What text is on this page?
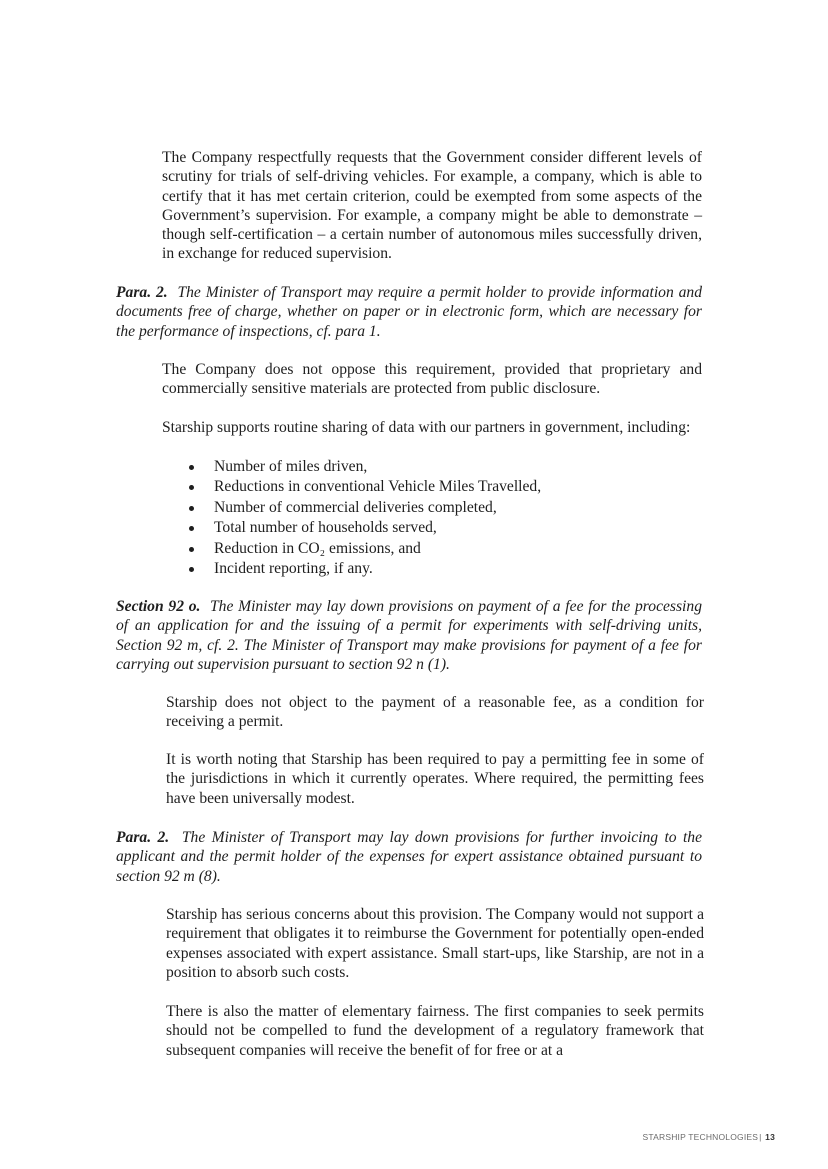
The Company respectfully requests that the Government consider different levels of scrutiny for trials of self-driving vehicles. For example, a company, which is able to certify that it has met certain criterion, could be exempted from some aspects of the Government’s supervision. For example, a company might be able to demonstrate – though self-certification – a certain number of autonomous miles successfully driven, in exchange for reduced supervision.

Para. 2. The Minister of Transport may require a permit holder to provide information and documents free of charge, whether on paper or in electronic form, which are necessary for the performance of inspections, cf. para 1.

The Company does not oppose this requirement, provided that proprietary and commercially sensitive materials are protected from public disclosure.

Starship supports routine sharing of data with our partners in government, including:

Number of miles driven,
Reductions in conventional Vehicle Miles Travelled,
Number of commercial deliveries completed,
Total number of households served,
Reduction in CO₂ emissions, and
Incident reporting, if any.

Section 92 o. The Minister may lay down provisions on payment of a fee for the processing of an application for and the issuing of a permit for experiments with self-driving units, Section 92 m, cf. 2. The Minister of Transport may make provisions for payment of a fee for carrying out supervision pursuant to section 92 n (1).

Starship does not object to the payment of a reasonable fee, as a condition for receiving a permit.

It is worth noting that Starship has been required to pay a permitting fee in some of the jurisdictions in which it currently operates. Where required, the permitting fees have been universally modest.

Para. 2. The Minister of Transport may lay down provisions for further invoicing to the applicant and the permit holder of the expenses for expert assistance obtained pursuant to section 92 m (8).

Starship has serious concerns about this provision. The Company would not support a requirement that obligates it to reimburse the Government for potentially open-ended expenses associated with expert assistance. Small start-ups, like Starship, are not in a position to absorb such costs.

There is also the matter of elementary fairness. The first companies to seek permits should not be compelled to fund the development of a regulatory framework that subsequent companies will receive the benefit of for free or at a

STARSHIP TECHNOLOGIES| 13
